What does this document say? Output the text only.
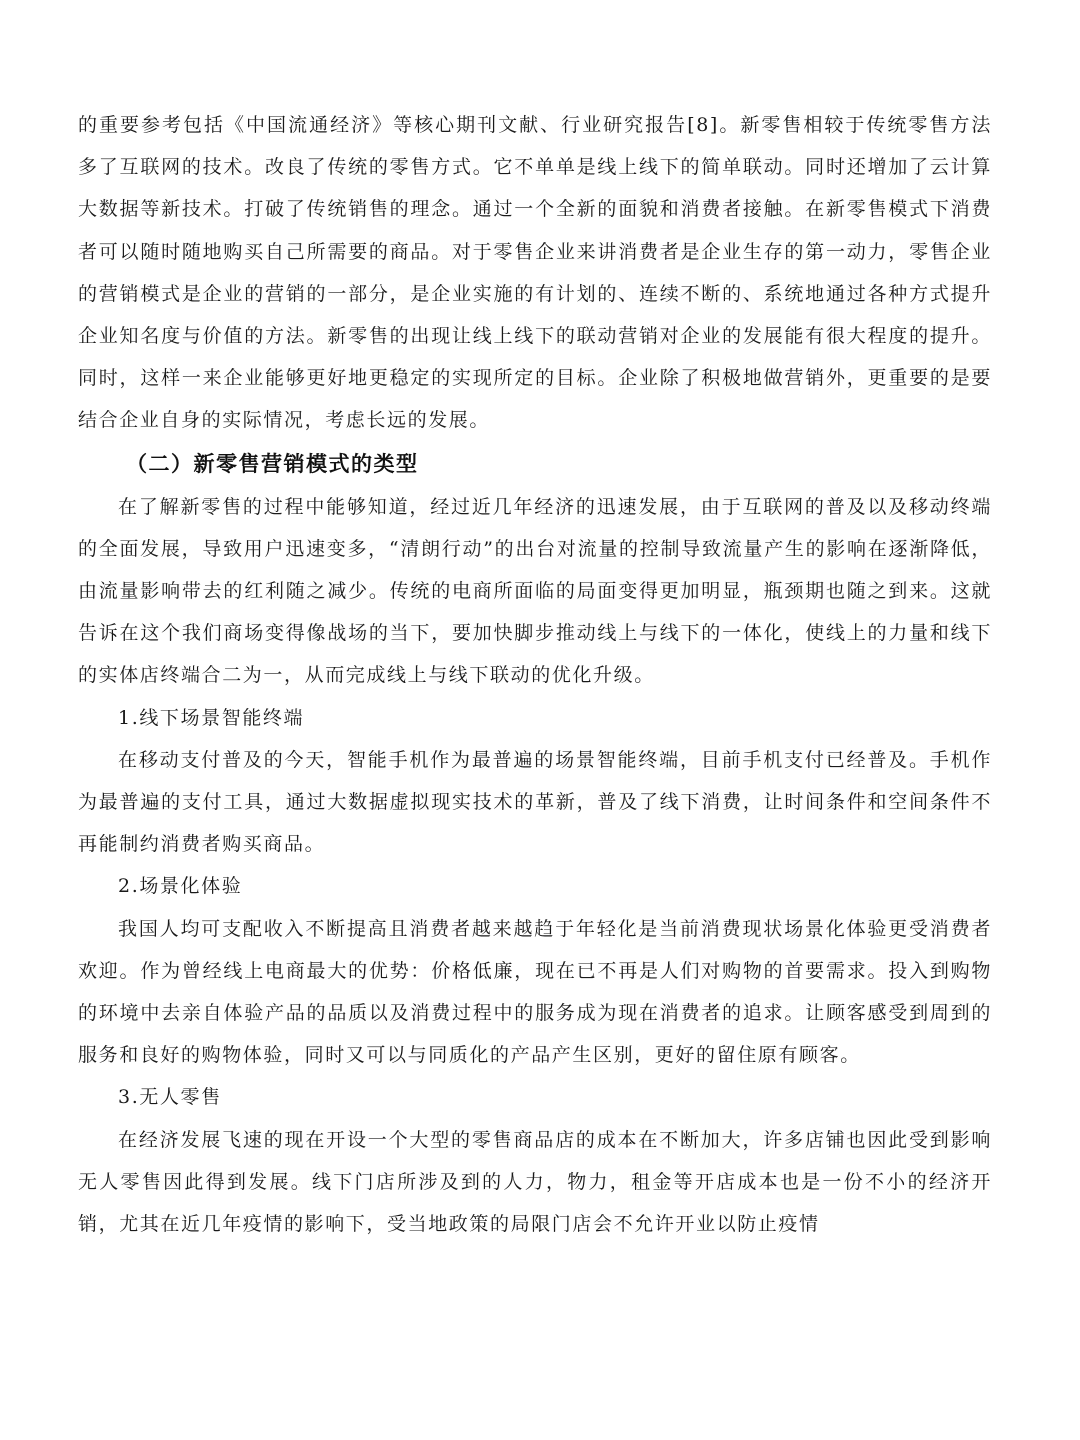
的重要参考包括《中国流通经济》等核心期刊文献、行业研究报告[8]。新零售相较于传统零售方法多了互联网的技术。改良了传统的零售方式。它不单单是线上线下的简单联动。同时还增加了云计算大数据等新技术。打破了传统销售的理念。通过一个全新的面貌和消费者接触。在新零售模式下消费者可以随时随地购买自己所需要的商品。对于零售企业来讲消费者是企业生存的第一动力，零售企业的营销模式是企业的营销的一部分，是企业实施的有计划的、连续不断的、系统地通过各种方式提升企业知名度与价值的方法。新零售的出现让线上线下的联动营销对企业的发展能有很大程度的提升。同时，这样一来企业能够更好地更稳定的实现所定的目标。企业除了积极地做营销外，更重要的是要结合企业自身的实际情况，考虑长远的发展。

（二）新零售营销模式的类型

在了解新零售的过程中能够知道，经过近几年经济的迅速发展，由于互联网的普及以及移动终端的全面发展，导致用户迅速变多，“清朗行动”的出台对流量的控制导致流量产生的影响在逐渐降低，由流量影响带去的红利随之减少。传统的电商所面临的局面变得更加明显，瓶颈期也随之到来。这就告诉在这个我们商场变得像战场的当下，要加快脚步推动线上与线下的一体化，使线上的力量和线下的实体店终端合二为一，从而完成线上与线下联动的优化升级。

1.线下场景智能终端

在移动支付普及的今天，智能手机作为最普遍的场景智能终端，目前手机支付已经普及。手机作为最普遍的支付工具，通过大数据虚拟现实技术的革新，普及了线下消费，让时间条件和空间条件不再能制约消费者购买商品。

2.场景化体验

我国人均可支配收入不断提高且消费者越来越趋于年轻化是当前消费现状场景化体验更受消费者欢迎。作为曾经线上电商最大的优势：价格低廉，现在已不再是人们对购物的首要需求。投入到购物的环境中去亲自体验产品的品质以及消费过程中的服务成为现在消费者的追求。让顾客感受到周到的服务和良好的购物体验，同时又可以与同质化的产品产生区别，更好的留住原有顾客。

3.无人零售

在经济发展飞速的现在开设一个大型的零售商品店的成本在不断加大，许多店铺也因此受到影响无人零售因此得到发展。线下门店所涉及到的人力，物力，租金等开店成本也是一份不小的经济开销，尤其在近几年疫情的影响下，受当地政策的局限门店会不允许开业以防止疫情
